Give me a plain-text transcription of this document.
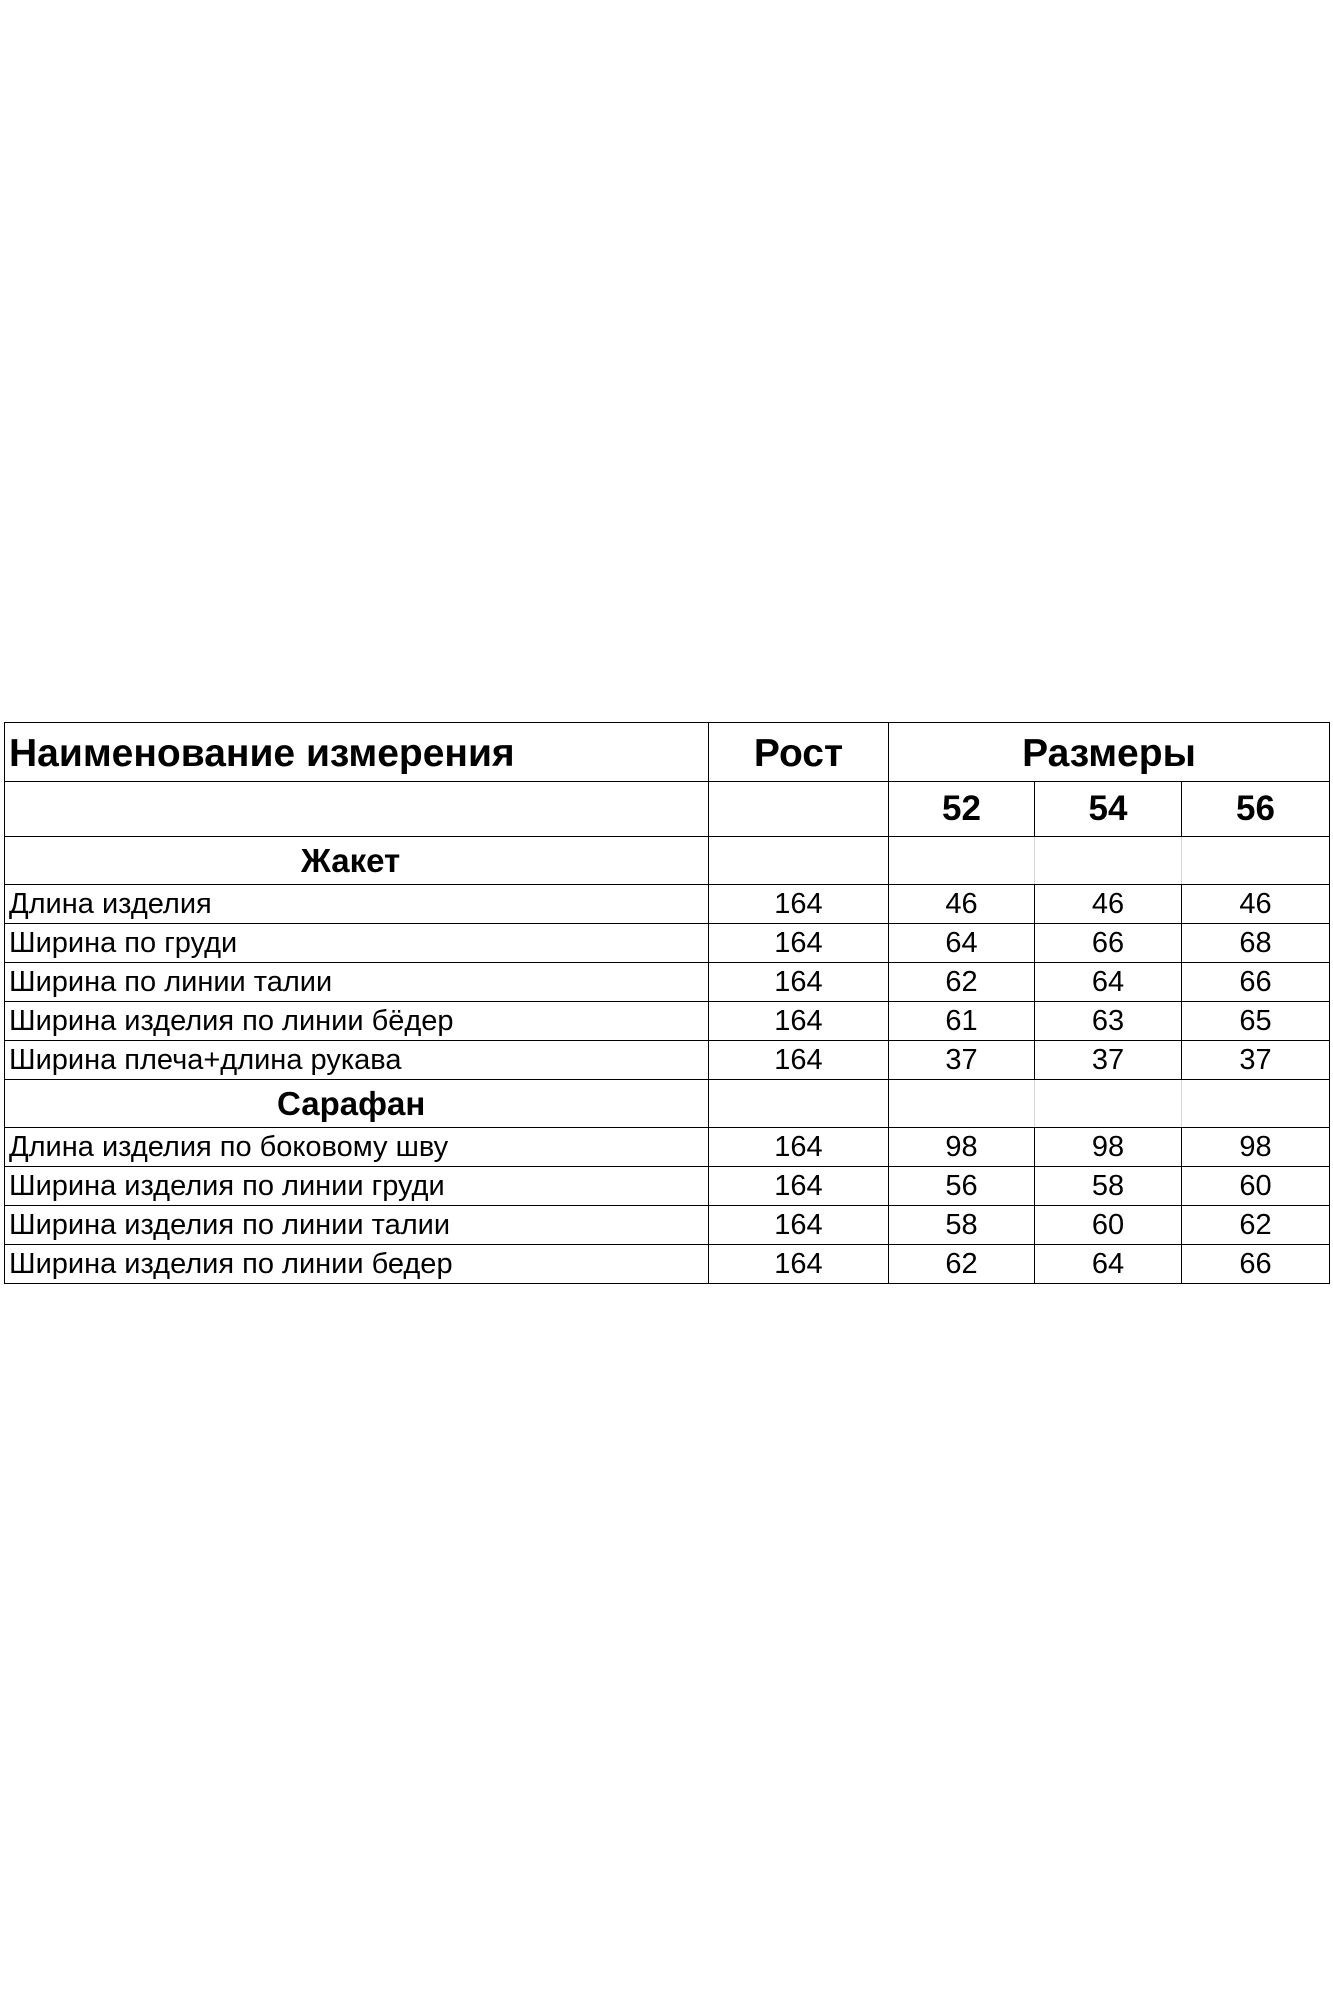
Наименование измерения	Рост	Размеры		
		52	54	56
Жакет				
Длина изделия	164	46	46	46
Ширина по груди	164	64	66	68
Ширина по линии талии	164	62	64	66
Ширина изделия по линии бёдер	164	61	63	65
Ширина плеча+длина рукава	164	37	37	37
Сарафан				
Длина изделия по боковому шву	164	98	98	98
Ширина изделия по линии груди	164	56	58	60
Ширина изделия по линии талии	164	58	60	62
Ширина изделия по линии бедер	164	62	64	66
